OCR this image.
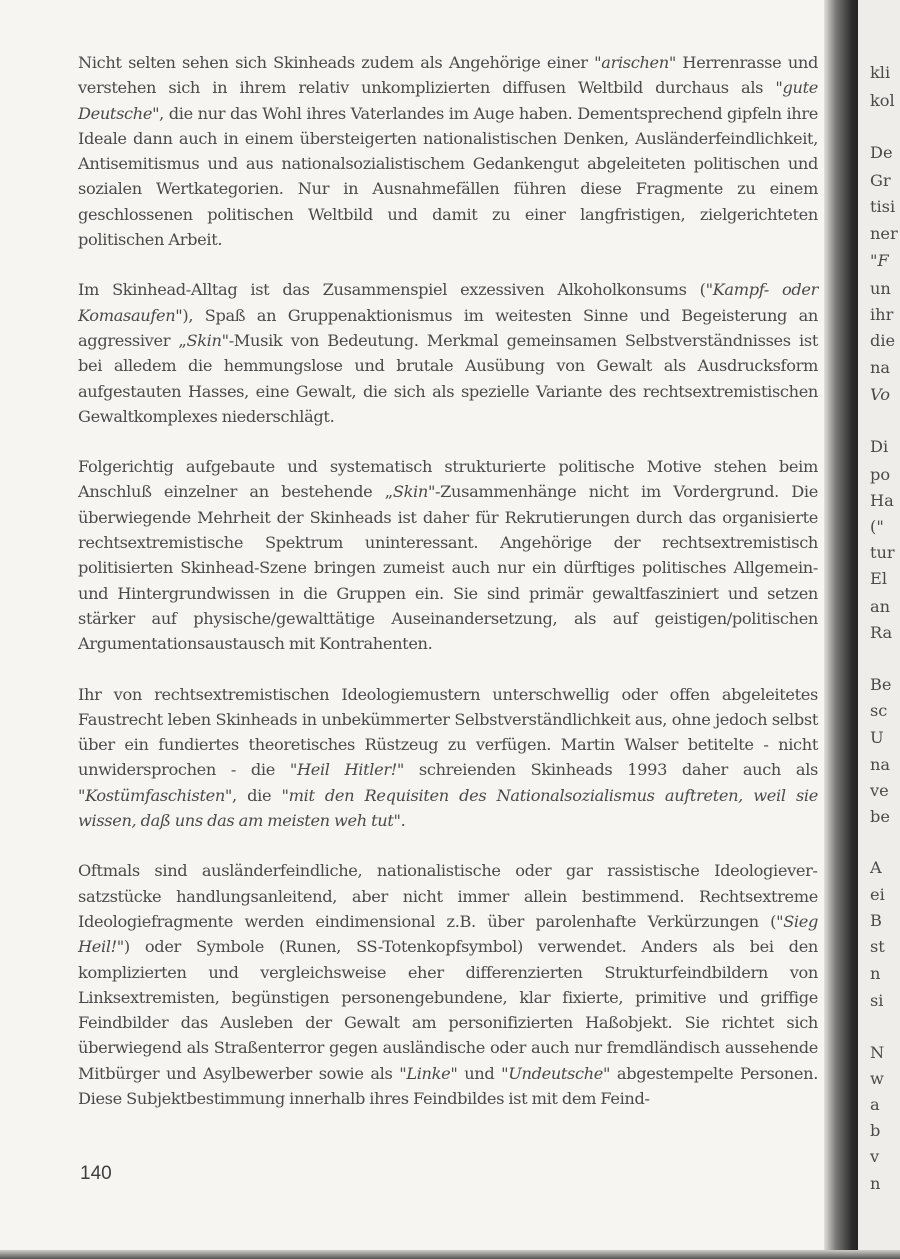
Nicht selten sehen sich Skinheads zudem als Angehörige einer "arischen" Herrenrasse und verstehen sich in ihrem relativ unkomplizierten diffusen Weltbild durchaus als "gute Deutsche", die nur das Wohl ihres Vaterlandes im Auge haben. Dementsprechend gipfeln ihre Ideale dann auch in einem übersteigerten nationalistischen Denken, Ausländerfeindlichkeit, Antisemitismus und aus nationalsozialistischem Gedankengut abgeleiteten politischen und sozialen Wertkategorien. Nur in Ausnahmefällen führen diese Fragmente zu einem geschlossenen politischen Weltbild und damit zu einer langfristigen, zielgerichteten politischen Arbeit.

Im Skinhead-Alltag ist das Zusammenspiel exzessiven Alkoholkonsums ("Kampf- oder Komasaufen"), Spaß an Gruppenaktionismus im weitesten Sinne und Begeisterung an aggressiver „Skin"-Musik von Bedeutung. Merkmal gemeinsamen Selbstverständnisses ist bei alledem die hemmungslose und brutale Ausübung von Gewalt als Ausdrucksform aufgestauten Hasses, eine Gewalt, die sich als spezielle Variante des rechtsextremistischen Gewaltkomplexes niederschlägt.

Folgerichtig aufgebaute und systematisch strukturierte politische Motive stehen beim Anschluß einzelner an bestehende „Skin"-Zusammenhänge nicht im Vordergrund. Die überwiegende Mehrheit der Skinheads ist daher für Rekrutierungen durch das organisierte rechtsextremistische Spektrum uninteressant. Angehörige der rechtsextremistisch politisierten Skinhead-Szene bringen zumeist auch nur ein dürftiges politisches Allgemein- und Hintergrundwissen in die Gruppen ein. Sie sind primär gewaltfasziniert und setzen stärker auf physische/gewalttätige Auseinandersetzung, als auf geistigen/politischen Argumentationsaustausch mit Kontrahenten.

Ihr von rechtsextremistischen Ideologiemustern unterschwellig oder offen abgeleitetes Faustrecht leben Skinheads in unbekümmerter Selbstverständlichkeit aus, ohne jedoch selbst über ein fundiertes theoretisches Rüstzeug zu verfügen. Martin Walser betitelte - nicht unwidersprochen - die "Heil Hitler!" schreienden Skinheads 1993 daher auch als "Kostümfaschisten", die "mit den Requisiten des Nationalsozialismus auftreten, weil sie wissen, daß uns das am meisten weh tut".

Oftmals sind ausländerfeindliche, nationalistische oder gar rassistische Ideologieversatzstücke handlungsanleitend, aber nicht immer allein bestimmend. Rechtsextreme Ideologiefragmente werden eindimensional z.B. über parolenhafte Verkürzungen ("Sieg Heil!") oder Symbole (Runen, SS-Totenkopfsymbol) verwendet. Anders als bei den komplizierten und vergleichsweise eher differenzierten Strukturfeindbildern von Linksextremisten, begünstigen personengebundene, klar fixierte, primitive und griffige Feindbilder das Ausleben der Gewalt am personifizierten Haßobjekt. Sie richtet sich überwiegend als Straßenterror gegen ausländische oder auch nur fremdländisch aussehende Mitbürger und Asylbewerber sowie als "Linke" und "Undeutsche" abgestempelte Personen. Diese Subjektbestimmung innerhalb ihres Feindbildes ist mit dem Feind-

140
kli
kol
De
Gr
tisi
ner
"F
un
ihr
die
na
Vo
Di
po
Ha
("
tur
El
an
Ra
Be
sc
U
na
ve
be
A
ei
B
st
n
si
N
w
a
b
v
n
